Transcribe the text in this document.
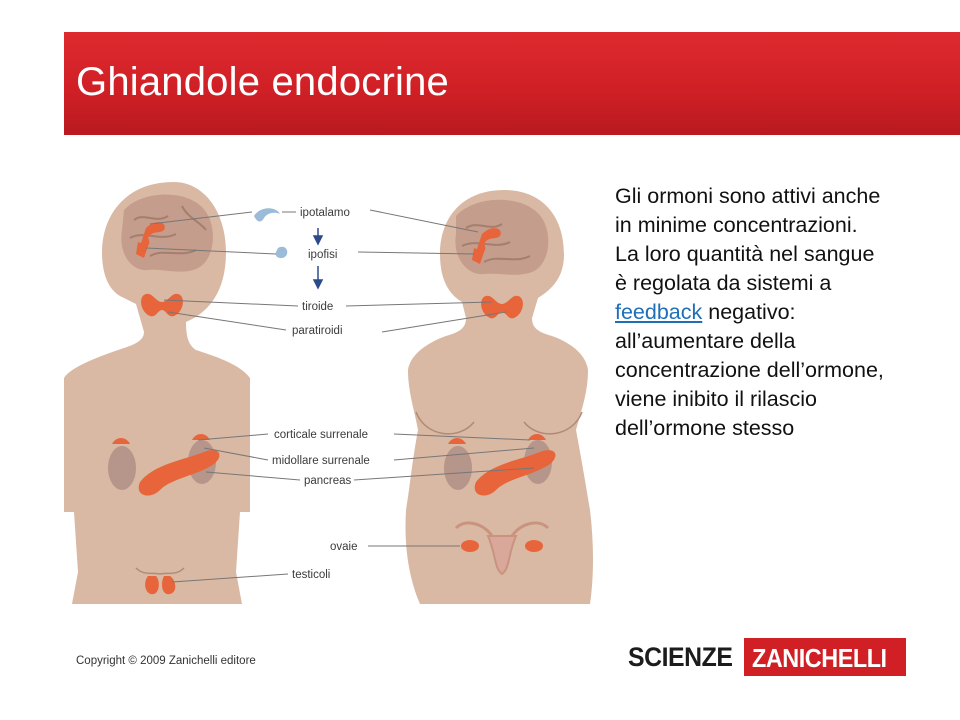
Ghiandole endocrine
ipotalamo
ipofisi
tiroide
paratiroidi
corticale surrenale
midollare surrenale
pancreas
ovaie
testicoli
Gli ormoni sono attivi anche in minime concentrazioni. La loro quantità nel sangue è regolata da sistemi a feedback negativo: all’aumentare della concentrazione dell’ormone, viene inibito il rilascio dell’ormone stesso
Copyright © 2009 Zanichelli editore	SCIENZE ZANICHELLI
